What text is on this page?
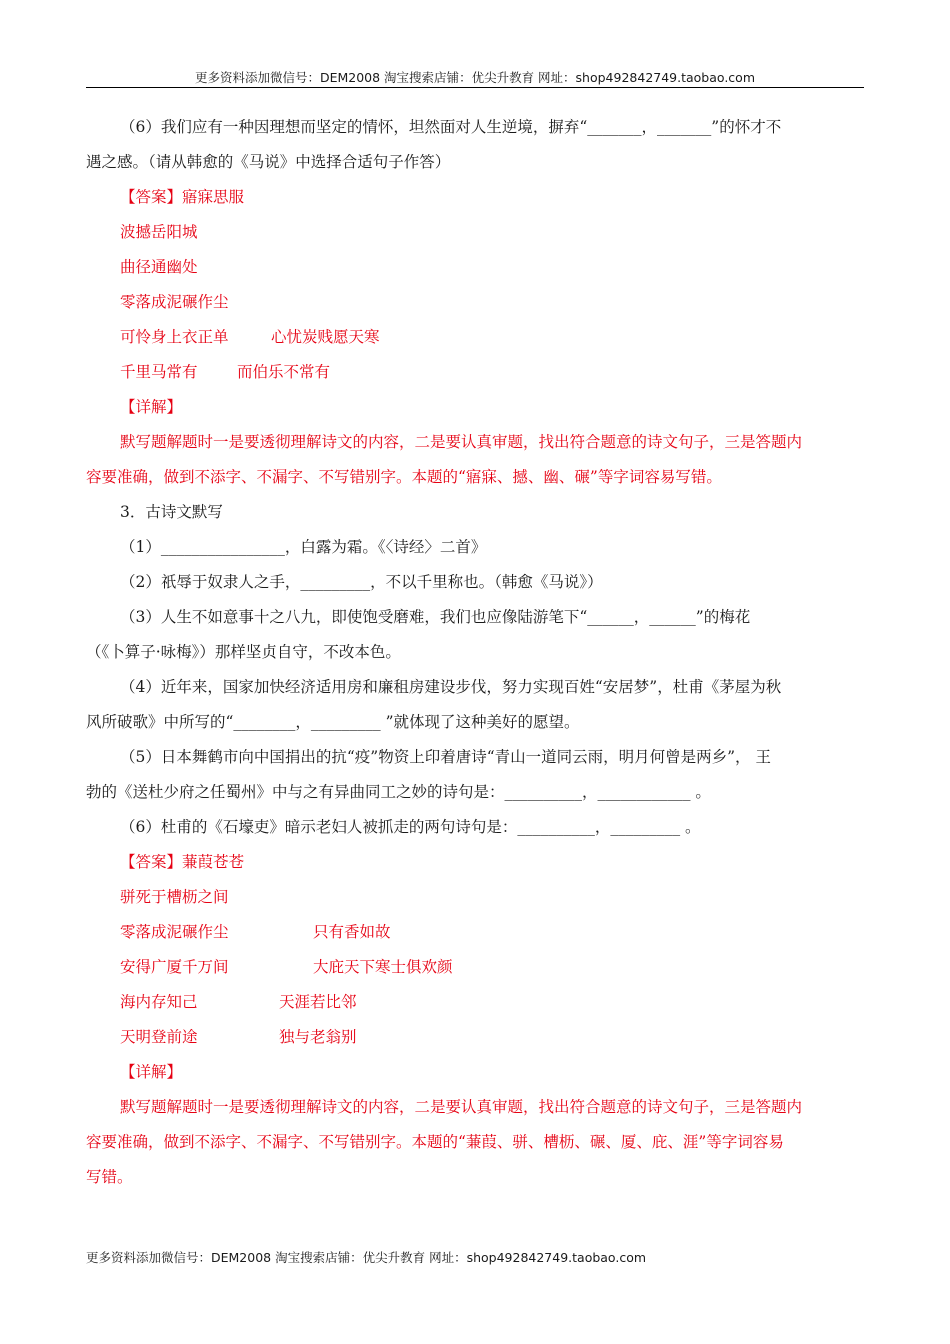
更多资料添加微信号：DEM2008 淘宝搜索店铺：优尖升教育 网址：shop492842749.taobao.com
（6）我们应有一种因理想而坚定的情怀，坦然面对人生逆境，摒弃“_______，_______”的怀才不
遇之感。（请从韩愈的《马说》中选择合适句子作答）
【答案】寤寐思服
波撼岳阳城
曲径通幽处
零落成泥碾作尘
可怜身上衣正单	心忧炭贱愿天寒
千里马常有	而伯乐不常有
【详解】
默写题解题时一是要透彻理解诗文的内容，二是要认真审题，找出符合题意的诗文句子，三是答题内
容要准确，做到不添字、不漏字、不写错别字。本题的“寤寐、撼、幽、碾”等字词容易写错。
3．古诗文默写
（1）________________，白露为霜。《〈诗经〉二首》
（2）祇辱于奴隶人之手，_________，不以千里称也。（韩愈《马说》）
（3）人生不如意事十之八九，即使饱受磨难，我们也应像陆游笔下“______，______”的梅花
（《卜算子·咏梅》）那样坚贞自守，不改本色。
（4）近年来，国家加快经济适用房和廉租房建设步伐，努力实现百姓“安居梦”，杜甫《茅屋为秋
风所破歌》中所写的“________，_________ ”就体现了这种美好的愿望。
（5）日本舞鹤市向中国捐出的抗“疫”物资上印着唐诗“青山一道同云雨，明月何曾是两乡”， 王
勃的《送杜少府之任蜀州》中与之有异曲同工之妙的诗句是：__________，____________ 。
（6）杜甫的《石壕吏》暗示老妇人被抓走的两句诗句是：__________，_________ 。
【答案】蒹葭苍苍
骈死于槽枥之间
零落成泥碾作尘	只有香如故
安得广厦千万间	大庇天下寒士俱欢颜
海内存知己	天涯若比邻
天明登前途	独与老翁别
【详解】
默写题解题时一是要透彻理解诗文的内容，二是要认真审题，找出符合题意的诗文句子，三是答题内
容要准确，做到不添字、不漏字、不写错别字。本题的“蒹葭、骈、槽枥、碾、厦、庇、涯”等字词容易
写错。
更多资料添加微信号：DEM2008 淘宝搜索店铺：优尖升教育 网址：shop492842749.taobao.com
